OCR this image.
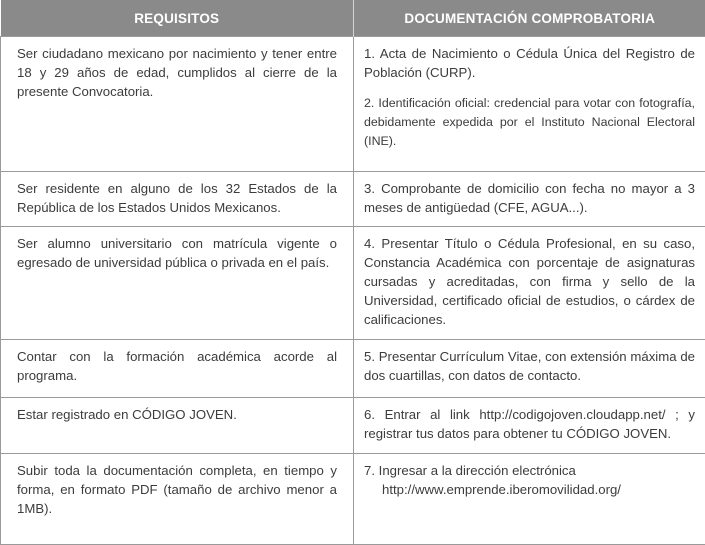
REQUISITOS	DOCUMENTACIÓN COMPROBATORIA
Ser ciudadano mexicano por nacimiento y tener entre 18 y 29 años de edad, cumplidos al cierre de la presente Convocatoria.	1. Acta de Nacimiento o Cédula Única del Registro de Población (CURP).

2. Identificación oficial: credencial para votar con fotografía, debidamente expedida por el Instituto Nacional Electoral (INE).

Ser residente en alguno de los 32 Estados de la República de los Estados Unidos Mexicanos.	3. Comprobante de domicilio con fecha no mayor a 3 meses de antigüedad (CFE, AGUA...).

Ser alumno universitario con matrícula vigente o egresado de universidad pública o privada en el país.	4. Presentar Título o Cédula Profesional, en su caso, Constancia Académica con porcentaje de asignaturas cursadas y acreditadas, con firma y sello de la Universidad, certificado oficial de estudios, o cárdex de calificaciones.

Contar con la formación académica acorde al programa.	5. Presentar Currículum Vitae, con extensión máxima de dos cuartillas, con datos de contacto.

Estar registrado en CÓDIGO JOVEN.	6. Entrar al link http://codigojoven.cloudapp.net/ ; y registrar tus datos para obtener tu CÓDIGO JOVEN.

Subir toda la documentación completa, en tiempo y forma, en formato PDF (tamaño de archivo menor a 1MB).	7. Ingresar a la dirección electrónica
http://www.emprende.iberomovilidad.org/
